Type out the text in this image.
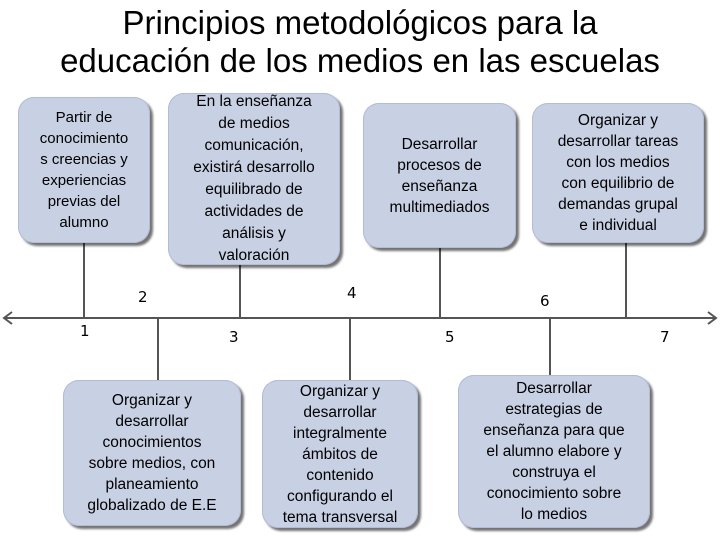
Principios metodológicos para la
educación de los medios en las escuelas
Partir de
conocimiento
s creencias y
experiencias
previas del
alumno
En la enseñanza
de medios
comunicación,
existirá desarrollo
equilibrado de
actividades de
análisis y
valoración
Desarrollar
procesos de
enseñanza
multimediados
Organizar y
desarrollar tareas
con los medios
con equilibrio de
demandas grupal
e individual
Organizar y
desarrollar
conocimientos
sobre medios, con
planeamiento
globalizado de E.E
Organizar y
desarrollar
integralmente
ámbitos de
contenido
configurando el
tema transversal
Desarrollar
estrategias de
enseñanza para que
el alumno elabore y
construya el
conocimiento sobre
lo medios
1
2
3
4
5
6
7
